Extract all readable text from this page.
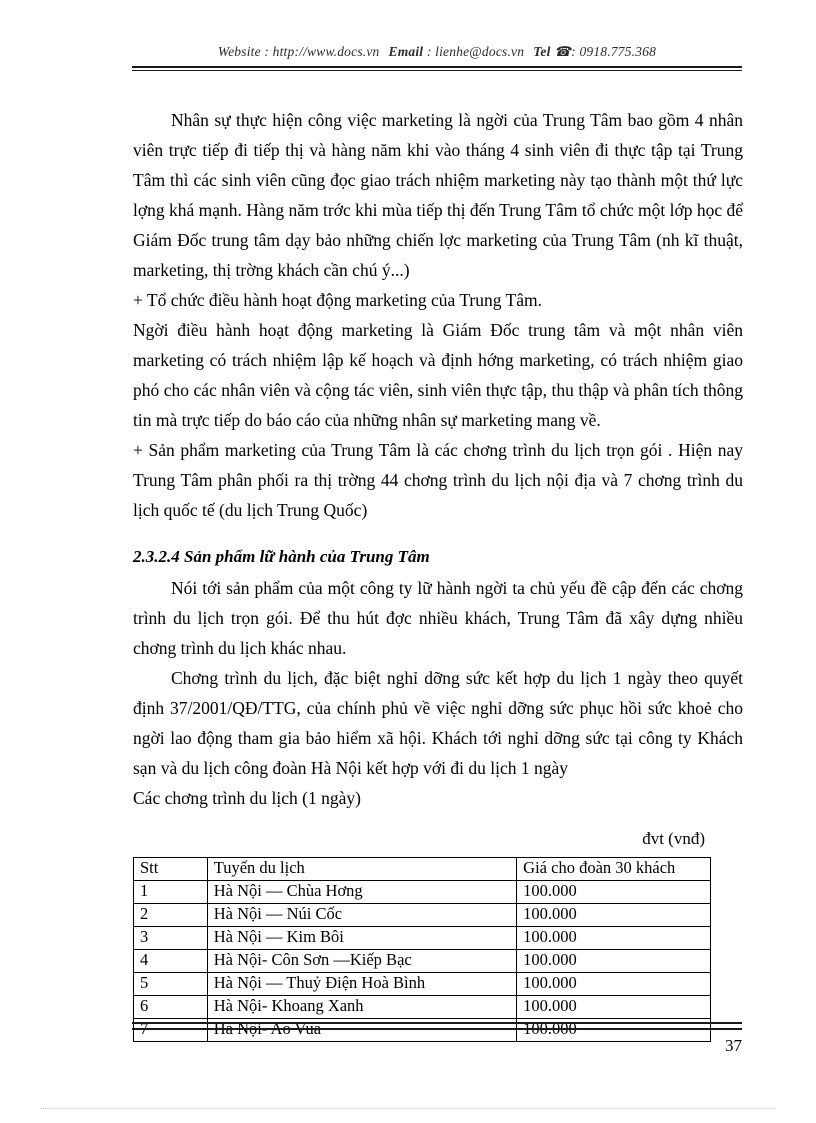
Website : http://www.docs.vn Email : lienhe@docs.vn Tel ☎: 0918.775.368

Nhân sự thực hiện công việc marketing là ngời của Trung Tâm bao gồm 4 nhân viên trực tiếp đi tiếp thị và hàng năm khi vào tháng 4 sinh viên đi thực tập tại Trung Tâm thì các sinh viên cũng đọc giao trách nhiệm marketing này tạo thành một thứ lực lợng khá mạnh. Hàng năm trớc khi mùa tiếp thị đến Trung Tâm tổ chức một lớp học để Giám Đốc trung tâm dạy bảo những chiến lợc marketing của Trung Tâm (nh kĩ thuật, marketing, thị trờng khách cần chú ý...)

+ Tổ chức điều hành hoạt động marketing của Trung Tâm.

Ngời điều hành hoạt động marketing là Giám Đốc trung tâm và một nhân viên marketing có trách nhiệm lập kế hoạch và định hớng marketing, có trách nhiệm giao phó cho các nhân viên và cộng tác viên, sinh viên thực tập, thu thập và phân tích thông tin mà trực tiếp do báo cáo của những nhân sự marketing mang về.

+ Sản phẩm marketing của Trung Tâm là các chơng trình du lịch trọn gói . Hiện nay Trung Tâm phân phối ra thị trờng 44 chơng trình du lịch nội địa và 7 chơng trình du lịch quốc tế (du lịch Trung Quốc)

2.3.2.4 Sản phẩm lữ hành của Trung Tâm

Nói tới sản phẩm của một công ty lữ hành ngời ta chủ yếu đề cập đến các chơng trình du lịch trọn gói. Để thu hút đợc nhiều khách, Trung Tâm đã xây dựng nhiều chơng trình du lịch khác nhau.

Chơng trình du lịch, đặc biệt nghỉ dỡng sức kết hợp du lịch 1 ngày theo quyết định 37/2001/QĐ/TTG, của chính phủ về việc nghỉ dỡng sức phục hồi sức khoẻ cho ngời lao động tham gia bảo hiểm xã hội. Khách tới nghỉ dỡng sức tại công ty Khách sạn và du lịch công đoàn Hà Nội kết hợp với đi du lịch 1 ngày

Các chơng trình du lịch (1 ngày)

đvt (vnđ)
Stt	Tuyến du lịch	Giá cho đoàn 30 khách
1	Hà Nội — Chùa Hơng	100.000
2	Hà Nội — Núi Cốc	100.000
3	Hà Nội — Kim Bôi	100.000
4	Hà Nội- Côn Sơn —Kiếp Bạc	100.000
5	Hà Nội — Thuỷ Điện Hoà Bình	100.000
6	Hà Nội- Khoang Xanh	100.000
7	Hà Nội- Ao Vua	100.000
37
